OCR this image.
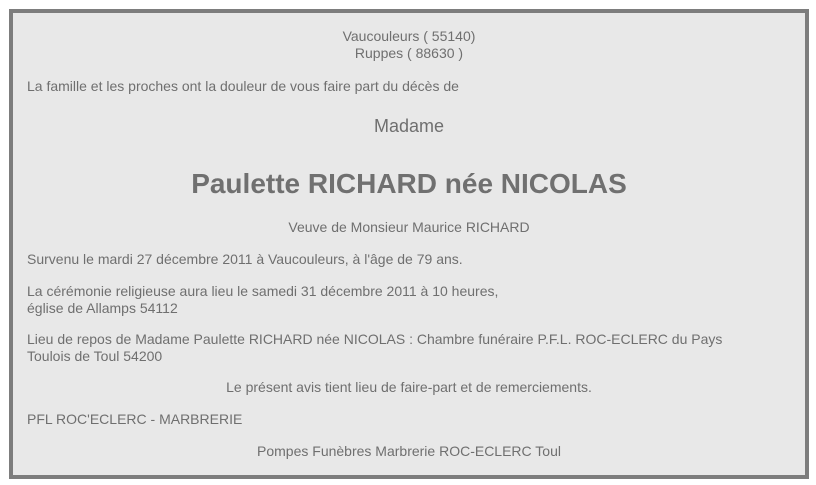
Vaucouleurs ( 55140)
Ruppes ( 88630 )
La famille et les proches ont la douleur de vous faire part du décès de
Madame
Paulette RICHARD née NICOLAS
Veuve de Monsieur Maurice RICHARD
Survenu le mardi 27 décembre 2011 à Vaucouleurs, à l'âge de 79 ans.
La cérémonie religieuse aura lieu le samedi 31 décembre 2011 à 10 heures,
église de Allamps 54112
Lieu de repos de Madame Paulette RICHARD née NICOLAS : Chambre funéraire P.F.L. ROC-ECLERC du Pays
Toulois de Toul 54200
Le présent avis tient lieu de faire-part et de remerciements.
PFL ROC'ECLERC - MARBRERIE
Pompes Funèbres Marbrerie ROC-ECLERC Toul
